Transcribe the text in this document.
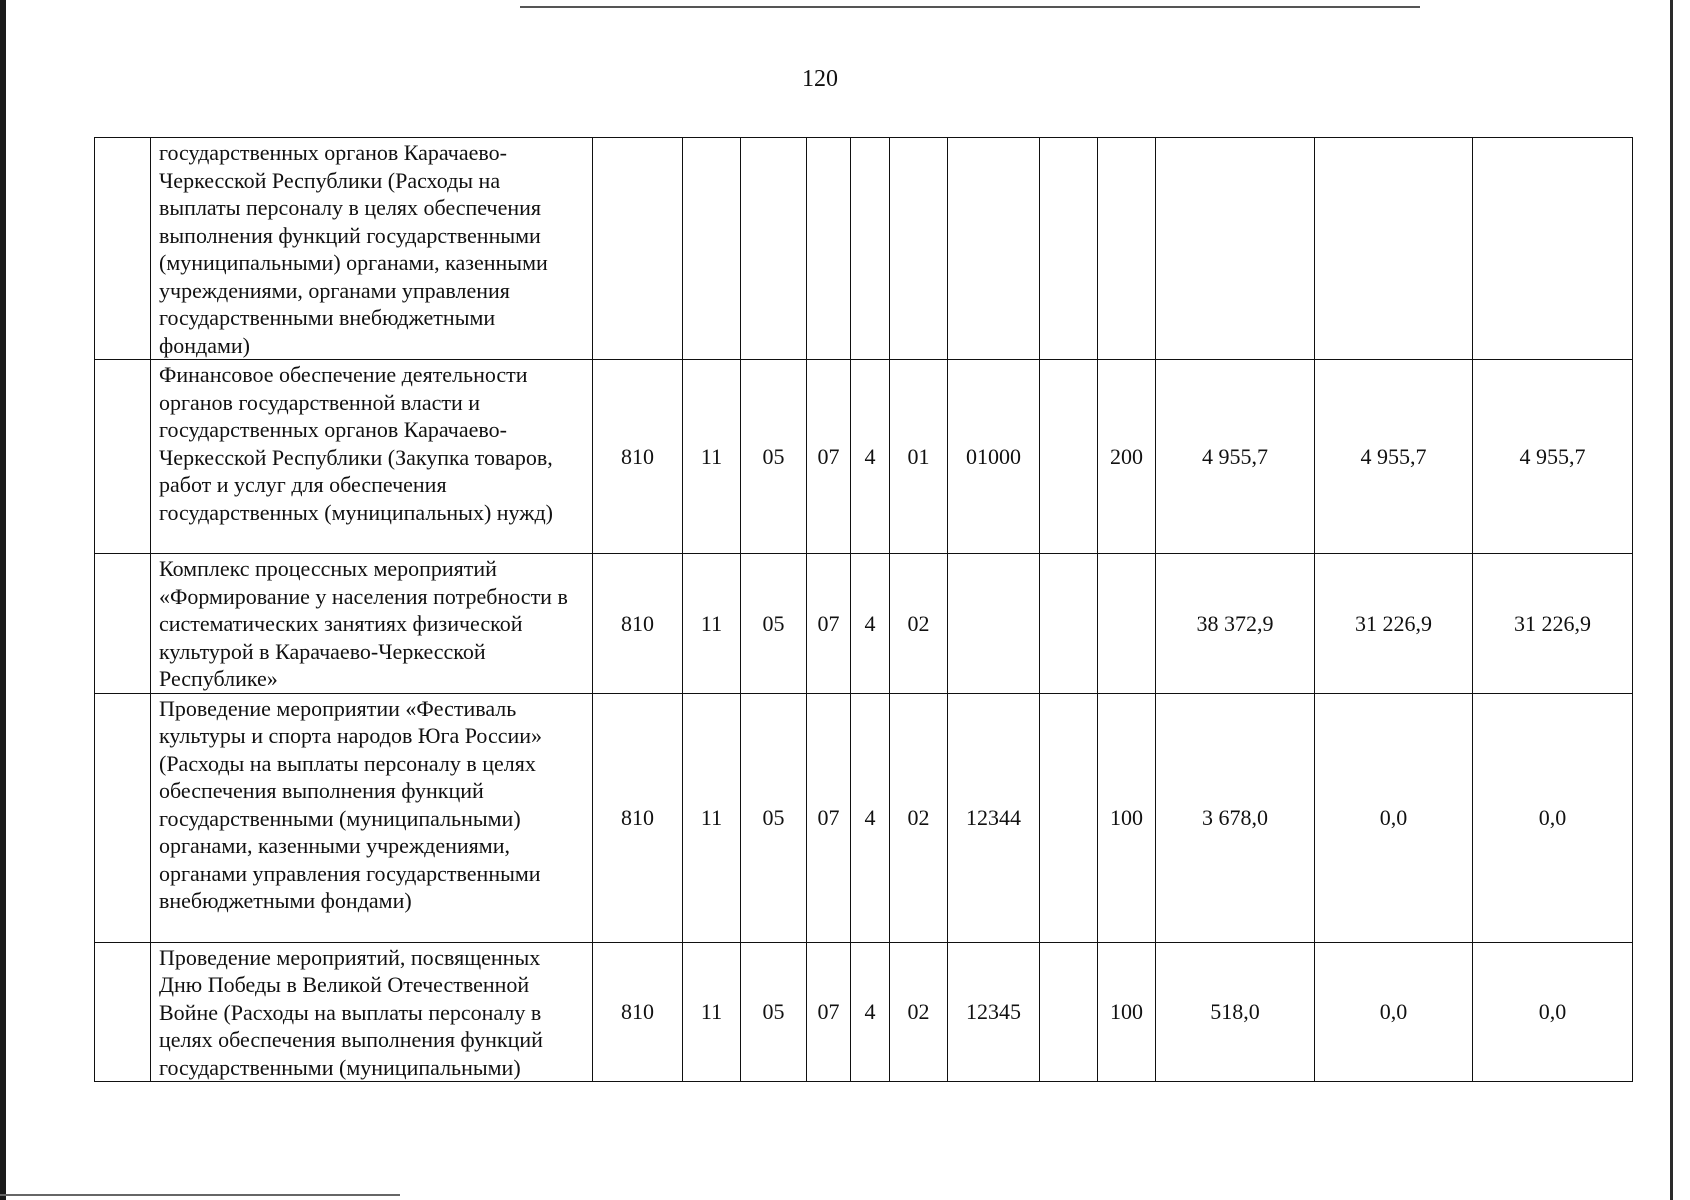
120
	государственных органов Карачаево-Черкесской Республики (Расходы на выплаты персоналу в целях обеспечения выполнения функций государственными (муниципальными) органами, казенными учреждениями, органами управления государственными внебюджетными фондами)												
	Финансовое обеспечение деятельности органов государственной власти и государственных органов Карачаево-Черкесской Республики (Закупка товаров, работ и услуг для обеспечения государственных (муниципальных) нужд)	810	11	05	07	4	01	01000		200	4 955,7	4 955,7	4 955,7
	Комплекс процессных мероприятий «Формирование у населения потребности в систематических занятиях физической культурой в Карачаево-Черкесской Республике»	810	11	05	07	4	02				38 372,9	31 226,9	31 226,9
	Проведение мероприятии «Фестиваль культуры и спорта народов Юга России» (Расходы на выплаты персоналу в целях обеспечения выполнения функций государственными (муниципальными) органами, казенными учреждениями, органами управления государственными внебюджетными фондами)	810	11	05	07	4	02	12344		100	3 678,0	0,0	0,0
	Проведение мероприятий, посвященных Дню Победы в Великой Отечественной Войне (Расходы на выплаты персоналу в целях обеспечения выполнения функций государственными (муниципальными)	810	11	05	07	4	02	12345		100	518,0	0,0	0,0
